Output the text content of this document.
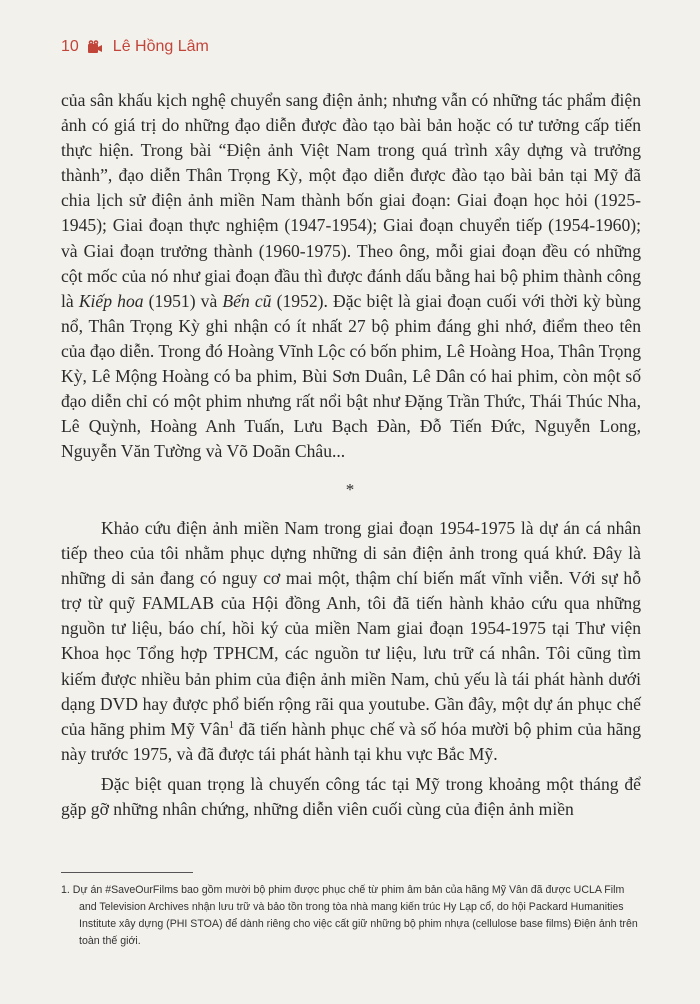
10 Lê Hồng Lâm

của sân khấu kịch nghệ chuyển sang điện ảnh; nhưng vẫn có những tác phẩm điện ảnh có giá trị do những đạo diễn được đào tạo bài bản hoặc có tư tưởng cấp tiến thực hiện. Trong bài “Điện ảnh Việt Nam trong quá trình xây dựng và trưởng thành”, đạo diễn Thân Trọng Kỳ, một đạo diễn được đào tạo bài bản tại Mỹ đã chia lịch sử điện ảnh miền Nam thành bốn giai đoạn: Giai đoạn học hỏi (1925-1945); Giai đoạn thực nghiệm (1947-1954); Giai đoạn chuyển tiếp (1954-1960); và Giai đoạn trưởng thành (1960-1975). Theo ông, mỗi giai đoạn đều có những cột mốc của nó như giai đoạn đầu thì được đánh dấu bằng hai bộ phim thành công là Kiếp hoa (1951) và Bến cũ (1952). Đặc biệt là giai đoạn cuối với thời kỳ bùng nổ, Thân Trọng Kỳ ghi nhận có ít nhất 27 bộ phim đáng ghi nhớ, điểm theo tên của đạo diễn. Trong đó Hoàng Vĩnh Lộc có bốn phim, Lê Hoàng Hoa, Thân Trọng Kỳ, Lê Mộng Hoàng có ba phim, Bùi Sơn Duân, Lê Dân có hai phim, còn một số đạo diễn chỉ có một phim nhưng rất nổi bật như Đặng Trần Thức, Thái Thúc Nha, Lê Quỳnh, Hoàng Anh Tuấn, Lưu Bạch Đàn, Đỗ Tiến Đức, Nguyễn Long, Nguyễn Văn Tường và Võ Doãn Châu...

*

Khảo cứu điện ảnh miền Nam trong giai đoạn 1954-1975 là dự án cá nhân tiếp theo của tôi nhằm phục dựng những di sản điện ảnh trong quá khứ. Đây là những di sản đang có nguy cơ mai một, thậm chí biến mất vĩnh viễn. Với sự hỗ trợ từ quỹ FAMLAB của Hội đồng Anh, tôi đã tiến hành khảo cứu qua những nguồn tư liệu, báo chí, hồi ký của miền Nam giai đoạn 1954-1975 tại Thư viện Khoa học Tổng hợp TPHCM, các nguồn tư liệu, lưu trữ cá nhân. Tôi cũng tìm kiếm được nhiều bản phim của điện ảnh miền Nam, chủ yếu là tái phát hành dưới dạng DVD hay được phổ biến rộng rãi qua youtube. Gần đây, một dự án phục chế của hãng phim Mỹ Vân$^1$ đã tiến hành phục chế và số hóa mười bộ phim của hãng này trước 1975, và đã được tái phát hành tại khu vực Bắc Mỹ.

Đặc biệt quan trọng là chuyến công tác tại Mỹ trong khoảng một tháng để gặp gỡ những nhân chứng, những diễn viên cuối cùng của điện ảnh miền

1. Dự án #SaveOurFilms bao gồm mười bộ phim được phục chế từ phim âm bản của hãng Mỹ Vân đã được UCLA Film and Television Archives nhận lưu trữ và bảo tồn trong tòa nhà mang kiến trúc Hy Lạp cổ, do hội Packard Humanities Institute xây dựng (PHI STOA) để dành riêng cho việc cất giữ những bộ phim nhựa (cellulose base films) Điện ảnh trên toàn thế giới.
